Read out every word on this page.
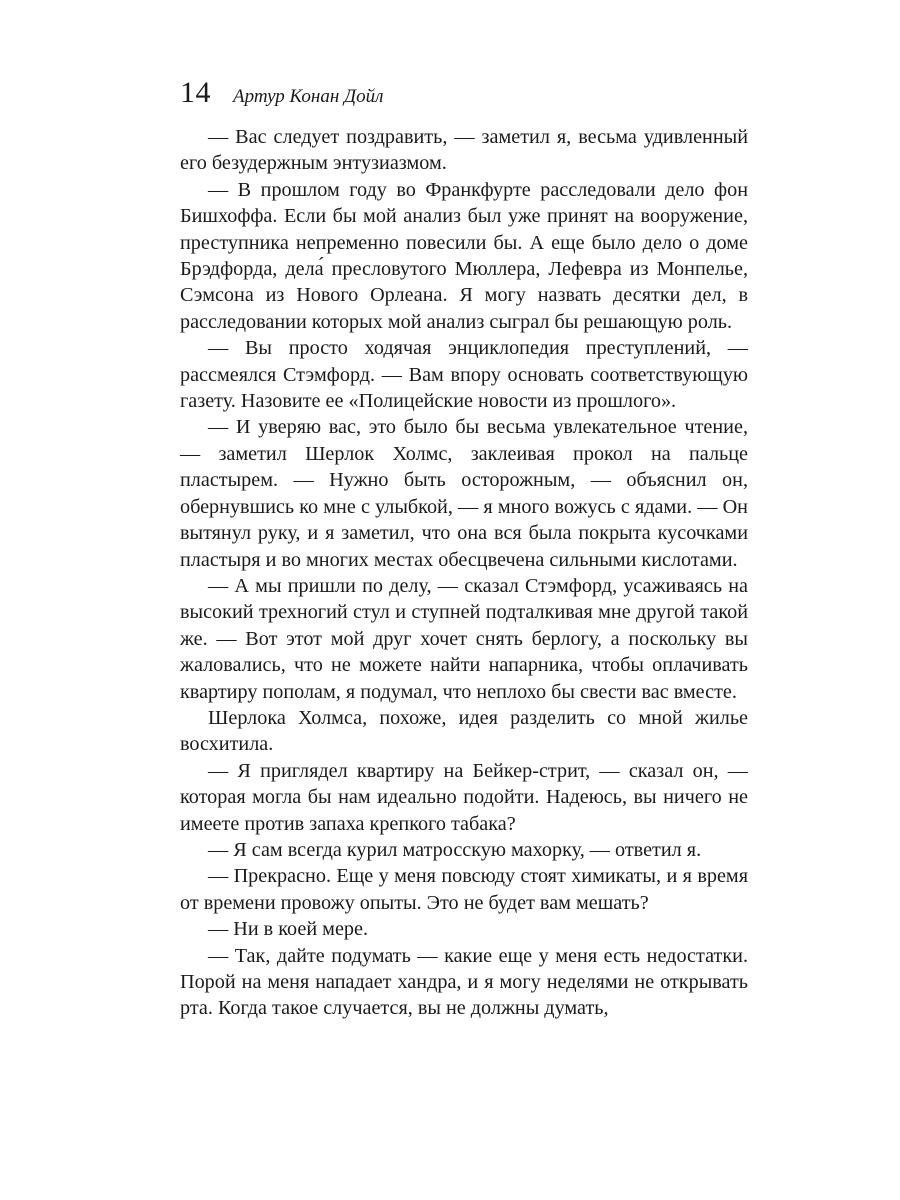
14 Артур Конан Дойл

— Вас следует поздравить, — заметил я, весьма удивленный его безудержным энтузиазмом.

— В прошлом году во Франкфурте расследовали дело фон Бишхоффа. Если бы мой анализ был уже принят на вооружение, преступника непременно повесили бы. А еще было дело о доме Брэдфорда, дела́ пресловутого Мюллера, Лефевра из Монпелье, Сэмсона из Нового Орлеана. Я могу назвать десятки дел, в расследовании которых мой анализ сыграл бы решающую роль.

— Вы просто ходячая энциклопедия преступлений, — рассмеялся Стэмфорд. — Вам впору основать соответствующую газету. Назовите ее «Полицейские новости из прошлого».

— И уверяю вас, это было бы весьма увлекательное чтение, — заметил Шерлок Холмс, заклеивая прокол на пальце пластырем. — Нужно быть осторожным, — объяснил он, обернувшись ко мне с улыбкой, — я много вожусь с ядами. — Он вытянул руку, и я заметил, что она вся была покрыта кусочками пластыря и во многих местах обесцвечена сильными кислотами.

— А мы пришли по делу, — сказал Стэмфорд, усаживаясь на высокий трехногий стул и ступней подталкивая мне другой такой же. — Вот этот мой друг хочет снять берлогу, а поскольку вы жаловались, что не можете найти напарника, чтобы оплачивать квартиру пополам, я подумал, что неплохо бы свести вас вместе.

Шерлока Холмса, похоже, идея разделить со мной жилье восхитила.

— Я приглядел квартиру на Бейкер-стрит, — сказал он, — которая могла бы нам идеально подойти. Надеюсь, вы ничего не имеете против запаха крепкого табака?

— Я сам всегда курил матросскую махорку, — ответил я.

— Прекрасно. Еще у меня повсюду стоят химикаты, и я время от времени провожу опыты. Это не будет вам мешать?

— Ни в коей мере.

— Так, дайте подумать — какие еще у меня есть недостатки. Порой на меня нападает хандра, и я могу неделями не открывать рта. Когда такое случается, вы не должны думать,
